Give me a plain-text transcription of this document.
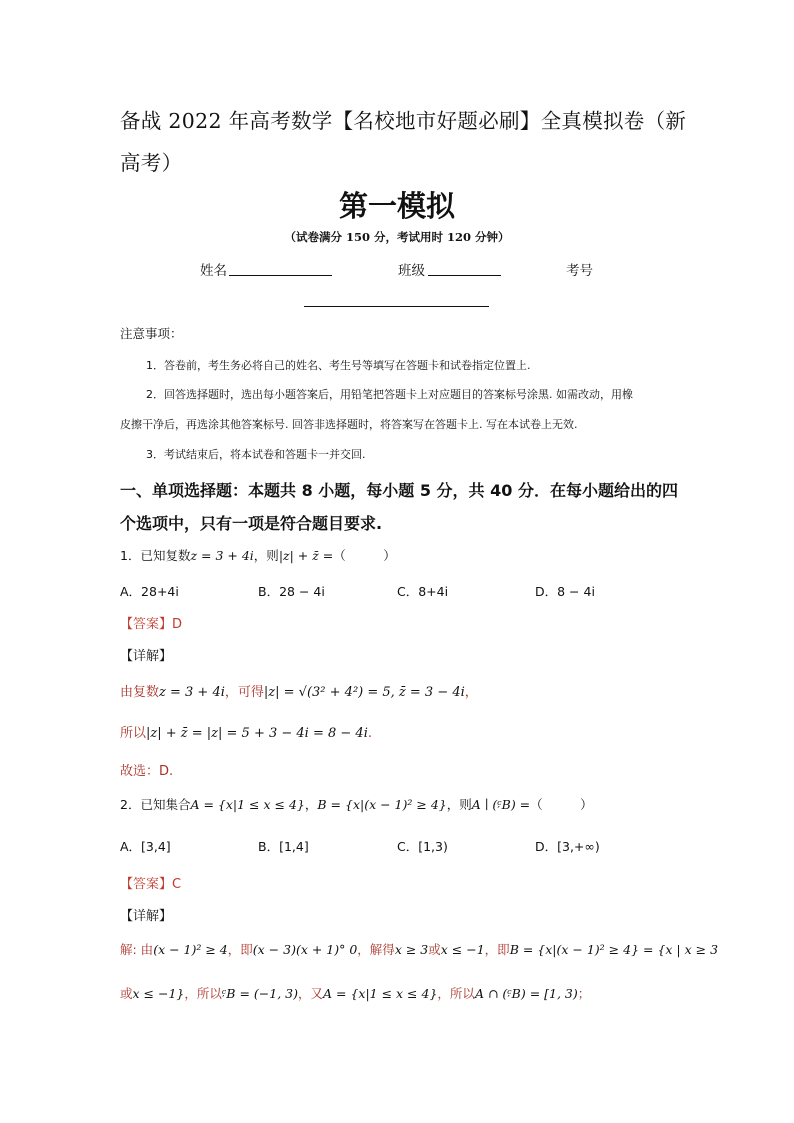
备战 2022 年高考数学【名校地市好题必刷】全真模拟卷（新高考）
第一模拟
（试卷满分 150 分，考试用时 120 分钟）
姓名	班级	考号
注意事项：
1．答卷前，考生务必将自己的姓名、考生号等填写在答题卡和试卷指定位置上.
2．回答选择题时，选出每小题答案后，用铅笔把答题卡上对应题目的答案标号涂黑. 如需改动，用橡
皮擦干净后，再选涂其他答案标号. 回答非选择题时，将答案写在答题卡上. 写在本试卷上无效.
3．考试结束后，将本试卷和答题卡一并交回.
一、单项选择题：本题共 8 小题，每小题 5 分，共 40 分．在每小题给出的四个选项中，只有一项是符合题目要求.
1．已知复数z = 3 + 4i，则|z| + z̄ =（　　　）
A．28+4i	B．28 − 4i	C．8+4i	D．8 − 4i
【答案】D
【详解】
由复数z = 3 + 4i，可得|z| = √(3² + 4²) = 5, z̄ = 3 − 4i，
所以|z| + z̄ = |z| = 5 + 3 − 4i = 8 − 4i.
故选：D.
2．已知集合A = {x|1 ≤ x ≤ 4}，B = {x|(x − 1)² ≥ 4}，则A ∣ (ᶜ̦B) =（　　　）
A．[3,4]	B．[1,4]	C．[1,3)	D．[3,+∞)
【答案】C
【详解】
解: 由(x − 1)² ≥ 4，即(x − 3)(x + 1)° 0，解得x ≥ 3或x ≤ −1，即B = {x|(x − 1)² ≥ 4} = {x | x ≥ 3
或x ≤ −1}，所以ᶜ̦B = (−1, 3)，又A = {x|1 ≤ x ≤ 4}，所以A ∩ (ᶜ̦B) = [1, 3)；
